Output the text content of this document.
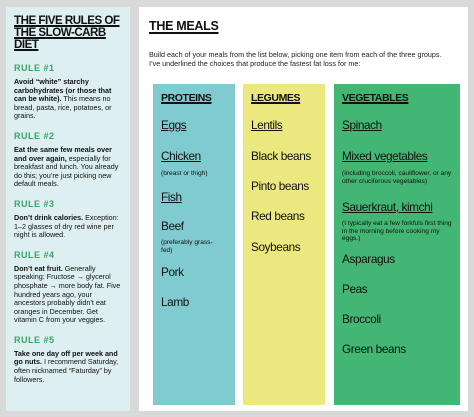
THE FIVE RULES OF
THE SLOW-CARB DIET
RULE #1
Avoid “white” starchy carbohydrates (or those that can be white). This means no bread, pasta, rice, potatoes, or grains.
RULE #2
Eat the same few meals over and over again, especially for breakfast and lunch. You already do this; you’re just picking new default meals.
RULE #3
Don’t drink calories. Exception: 1–2 glasses of dry red wine per night is allowed.
RULE #4
Don’t eat fruit. Generally speaking: Fructose → glycerol phosphate → more body fat. Five hundred years ago, your ancestors probably didn’t eat oranges in December. Get vitamin C from your veggies.
RULE #5
Take one day off per week and go nuts. I recommend Saturday, often nicknamed “Faturday” by followers.
THE MEALS
Build each of your meals from the list below, picking one item from each of the three groups. I’ve underlined the choices that produce the fastest fat loss for me:
PROTEINS
Eggs
Chicken
(breast or thigh)
Fish
Beef
(preferably grass-fed)
Pork
Lamb
LEGUMES
Lentils
Black beans
Pinto beans
Red beans
Soybeans
VEGETABLES
Spinach
Mixed vegetables
(including broccoli, cauliflower, or any other cruciferous vegetables)
Sauerkraut, kimchi
(I typically eat a few forkfuls first thing in the morning before cooking my eggs.)
Asparagus
Peas
Broccoli
Green beans
